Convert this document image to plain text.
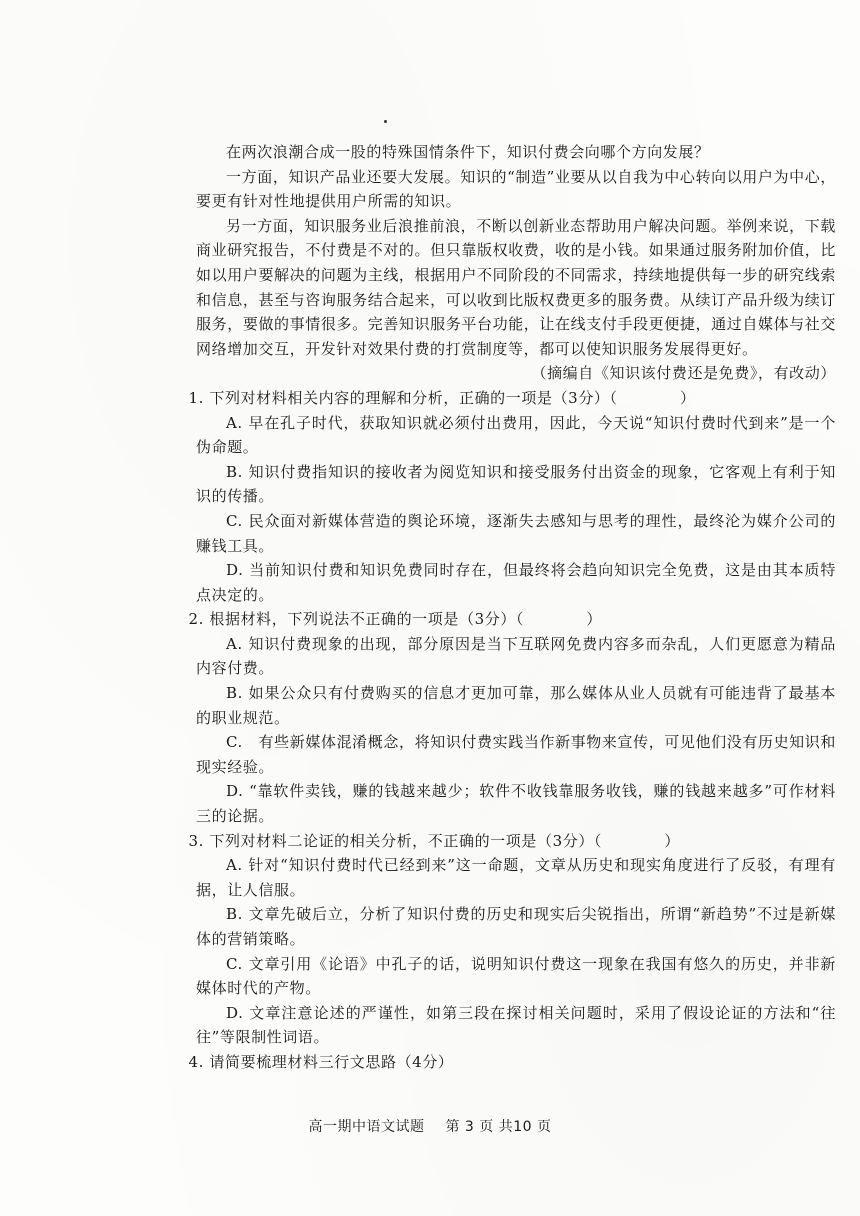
在两次浪潮合成一股的特殊国情条件下，知识付费会向哪个方向发展？

一方面，知识产品业还要大发展。知识的“制造”业要从以自我为中心转向以用户为中心，要更有针对性地提供用户所需的知识。

另一方面，知识服务业后浪推前浪，不断以创新业态帮助用户解决问题。举例来说，下载商业研究报告，不付费是不对的。但只靠版权收费，收的是小钱。如果通过服务附加价值，比如以用户要解决的问题为主线，根据用户不同阶段的不同需求，持续地提供每一步的研究线索和信息，甚至与咨询服务结合起来，可以收到比版权费更多的服务费。从续订产品升级为续订服务，要做的事情很多。完善知识服务平台功能，让在线支付手段更便捷，通过自媒体与社交网络增加交互，开发针对效果付费的打赏制度等，都可以使知识服务发展得更好。

（摘编自《知识该付费还是免费》，有改动）

1. 下列对材料相关内容的理解和分析，正确的一项是（3分）（　　　　）

A. 早在孔子时代，获取知识就必须付出费用，因此，今天说“知识付费时代到来”是一个伪命题。

B. 知识付费指知识的接收者为阅览知识和接受服务付出资金的现象，它客观上有利于知识的传播。

C. 民众面对新媒体营造的舆论环境，逐渐失去感知与思考的理性，最终沦为媒介公司的赚钱工具。

D. 当前知识付费和知识免费同时存在，但最终将会趋向知识完全免费，这是由其本质特点决定的。

2. 根据材料，下列说法不正确的一项是（3分）（　　　　）

A. 知识付费现象的出现，部分原因是当下互联网免费内容多而杂乱，人们更愿意为精品内容付费。

B. 如果公众只有付费购买的信息才更加可靠，那么媒体从业人员就有可能违背了最基本的职业规范。

C.　有些新媒体混淆概念，将知识付费实践当作新事物来宣传，可见他们没有历史知识和现实经验。

D. “靠软件卖钱，赚的钱越来越少；软件不收钱靠服务收钱，赚的钱越来越多”可作材料三的论据。

3. 下列对材料二论证的相关分析，不正确的一项是（3分）（　　　　）

A. 针对“知识付费时代已经到来”这一命题，文章从历史和现实角度进行了反驳，有理有据，让人信服。

B. 文章先破后立，分析了知识付费的历史和现实后尖锐指出，所谓“新趋势”不过是新媒体的营销策略。

C. 文章引用《论语》中孔子的话，说明知识付费这一现象在我国有悠久的历史，并非新媒体时代的产物。

D. 文章注意论述的严谨性，如第三段在探讨相关问题时，采用了假设论证的方法和“往往”等限制性词语。

4. 请简要梳理材料三行文思路（4分）

高一期中语文试题 第 3 页 共10 页
